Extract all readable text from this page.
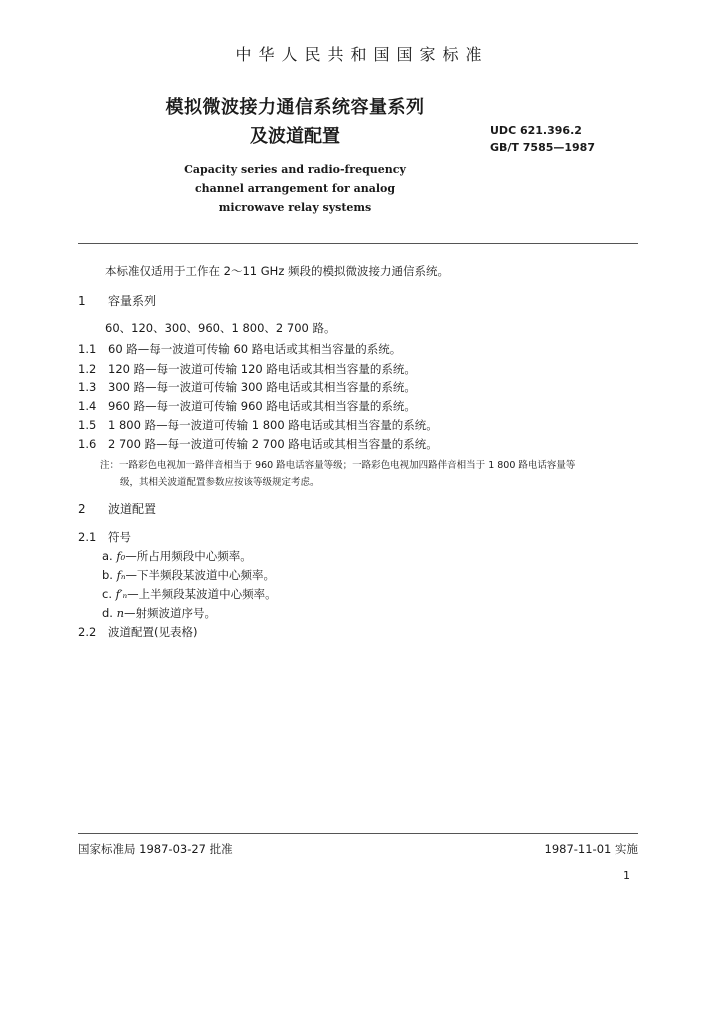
中华人民共和国国家标准
模拟微波接力通信系统容量系列
及波道配置	UDC 621.396.2
GB/T 7585—1987
Capacity series and radio-frequency
channel arrangement for analog
microwave relay systems
本标准仅适用于工作在 2～11 GHz 频段的模拟微波接力通信系统。
1 容量系列
60、120、300、960、1 800、2 700 路。
1.1 60 路—每一波道可传输 60 路电话或其相当容量的系统。
1.2 120 路—每一波道可传输 120 路电话或其相当容量的系统。
1.3 300 路—每一波道可传输 300 路电话或其相当容量的系统。
1.4 960 路—每一波道可传输 960 路电话或其相当容量的系统。
1.5 1 800 路—每一波道可传输 1 800 路电话或其相当容量的系统。
1.6 2 700 路—每一波道可传输 2 700 路电话或其相当容量的系统。
注：一路彩色电视加一路伴音相当于 960 路电话容量等级；一路彩色电视加四路伴音相当于 1 800 路电话容量等
级，其相关波道配置参数应按该等级规定考虑。
2 波道配置
2.1 符号
a. f₀—所占用频段中心频率。
b. fₙ—下半频段某波道中心频率。
c. f′ₙ—上半频段某波道中心频率。
d. n—射频波道序号。
2.2 波道配置(见表格)
国家标准局 1987-03-27 批准	1987-11-01 实施
1
